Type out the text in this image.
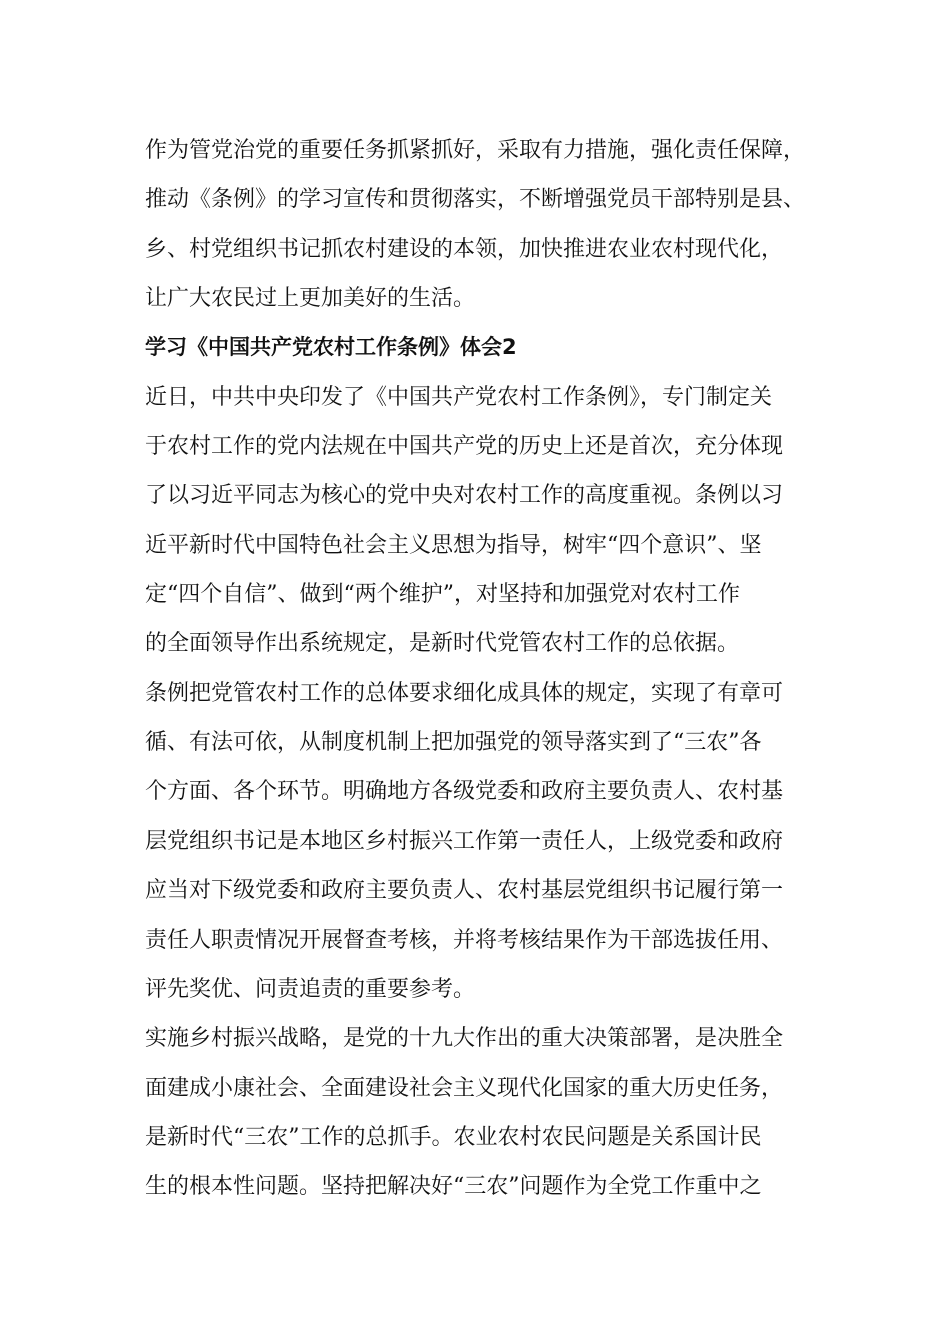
作为管党治党的重要任务抓紧抓好，采取有力措施，强化责任保障，
推动《条例》的学习宣传和贯彻落实，不断增强党员干部特别是县、
乡、村党组织书记抓农村建设的本领，加快推进农业农村现代化，
让广大农民过上更加美好的生活。
学习《中国共产党农村工作条例》体会2
近日，中共中央印发了《中国共产党农村工作条例》，专门制定关
于农村工作的党内法规在中国共产党的历史上还是首次，充分体现
了以习近平同志为核心的党中央对农村工作的高度重视。条例以习
近平新时代中国特色社会主义思想为指导，树牢“四个意识”、坚
定“四个自信”、做到“两个维护”，对坚持和加强党对农村工作
的全面领导作出系统规定，是新时代党管农村工作的总依据。
条例把党管农村工作的总体要求细化成具体的规定，实现了有章可
循、有法可依，从制度机制上把加强党的领导落实到了“三农”各
个方面、各个环节。明确地方各级党委和政府主要负责人、农村基
层党组织书记是本地区乡村振兴工作第一责任人，上级党委和政府
应当对下级党委和政府主要负责人、农村基层党组织书记履行第一
责任人职责情况开展督查考核，并将考核结果作为干部选拔任用、
评先奖优、问责追责的重要参考。
实施乡村振兴战略，是党的十九大作出的重大决策部署，是决胜全
面建成小康社会、全面建设社会主义现代化国家的重大历史任务，
是新时代“三农”工作的总抓手。农业农村农民问题是关系国计民
生的根本性问题。坚持把解决好“三农”问题作为全党工作重中之
